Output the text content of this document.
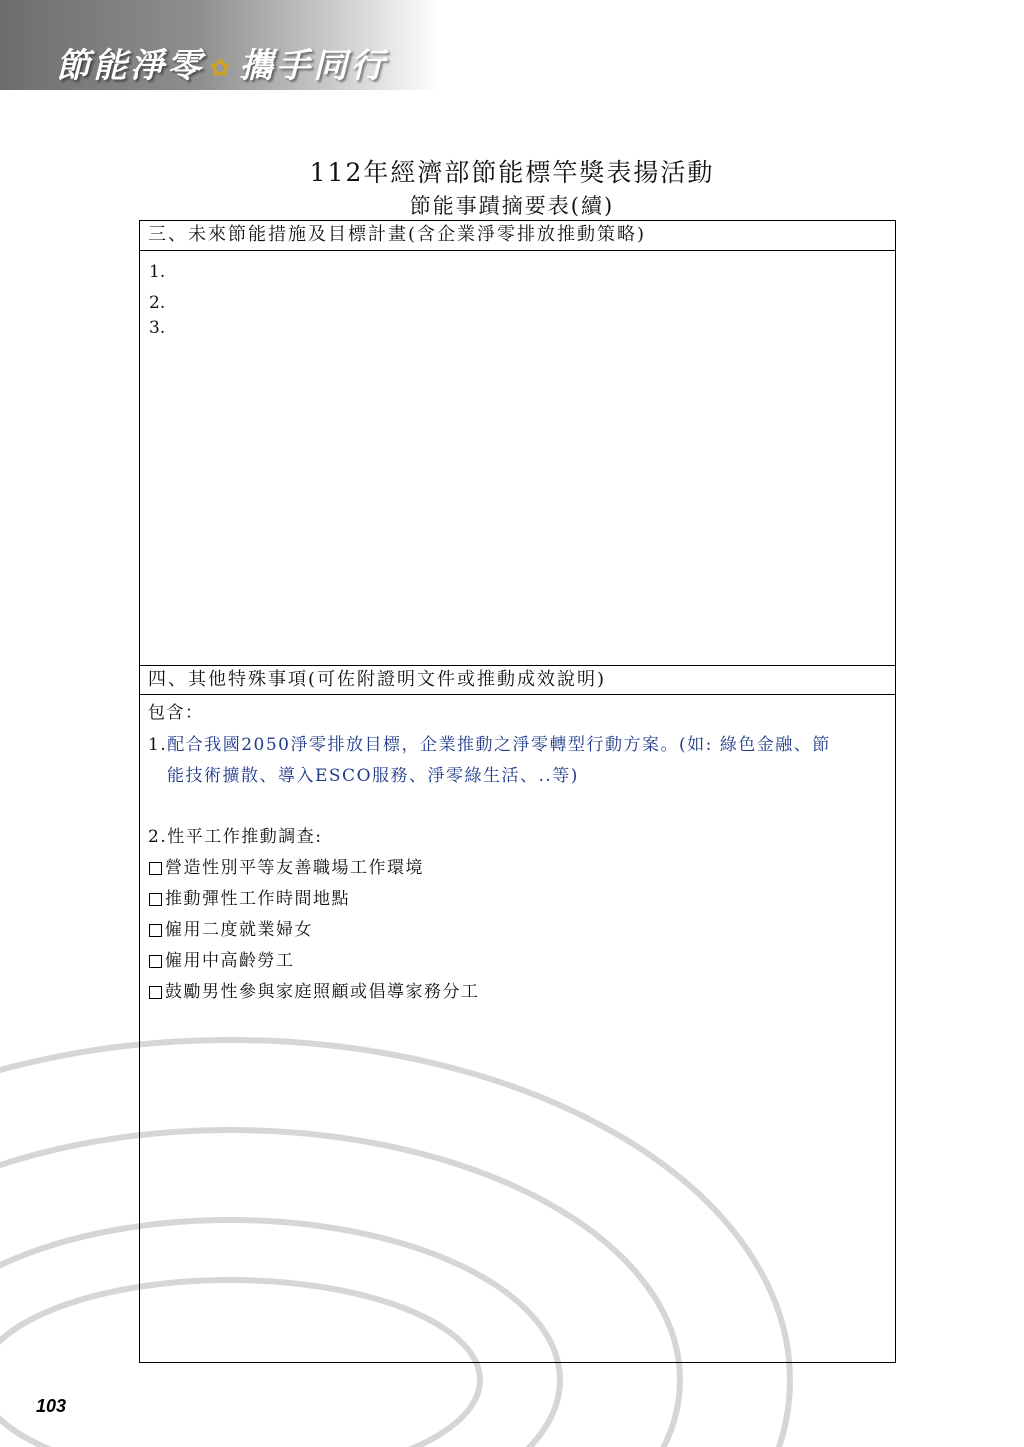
節能淨零 ✿ 攜手同行
112年經濟部節能標竿獎表揚活動
節能事蹟摘要表(續)
三、未來節能措施及目標計畫(含企業淨零排放推動策略)
1.
2.
3.
四、其他特殊事項(可佐附證明文件或推動成效說明)
包含：
1.配合我國2050淨零排放目標，企業推動之淨零轉型行動方案。(如: 綠色金融、節
能技術擴散、導入ESCO服務、淨零綠生活、..等)
2.性平工作推動調查:
營造性別平等友善職場工作環境
推動彈性工作時間地點
僱用二度就業婦女
僱用中高齡勞工
鼓勵男性參與家庭照顧或倡導家務分工
103
